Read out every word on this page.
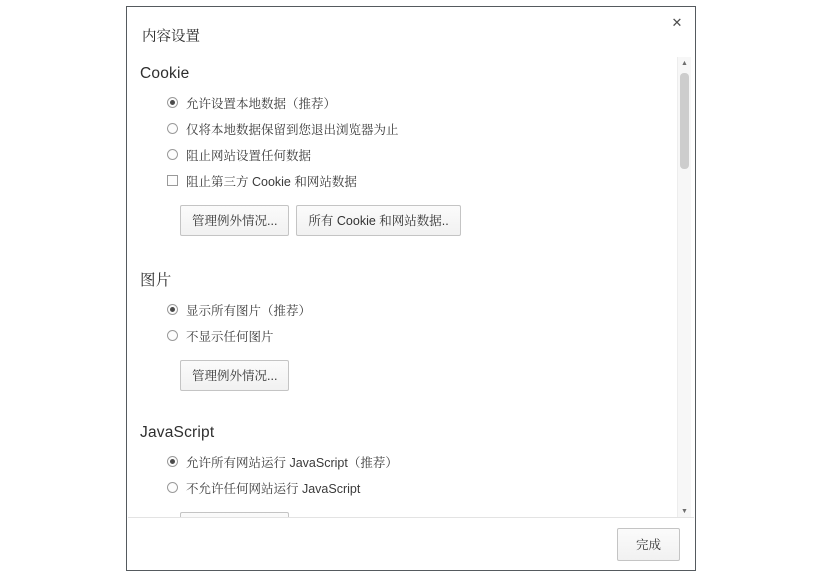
内容设置
✕
Cookie
允许设置本地数据（推荐）
仅将本地数据保留到您退出浏览器为止
阻止网站设置任何数据
阻止第三方 Cookie 和网站数据
管理例外情况...	所有 Cookie 和网站数据..
图片
显示所有图片（推荐）
不显示任何图片
管理例外情况...
JavaScript
允许所有网站运行 JavaScript（推荐）
不允许任何网站运行 JavaScript
▲
▼
完成
